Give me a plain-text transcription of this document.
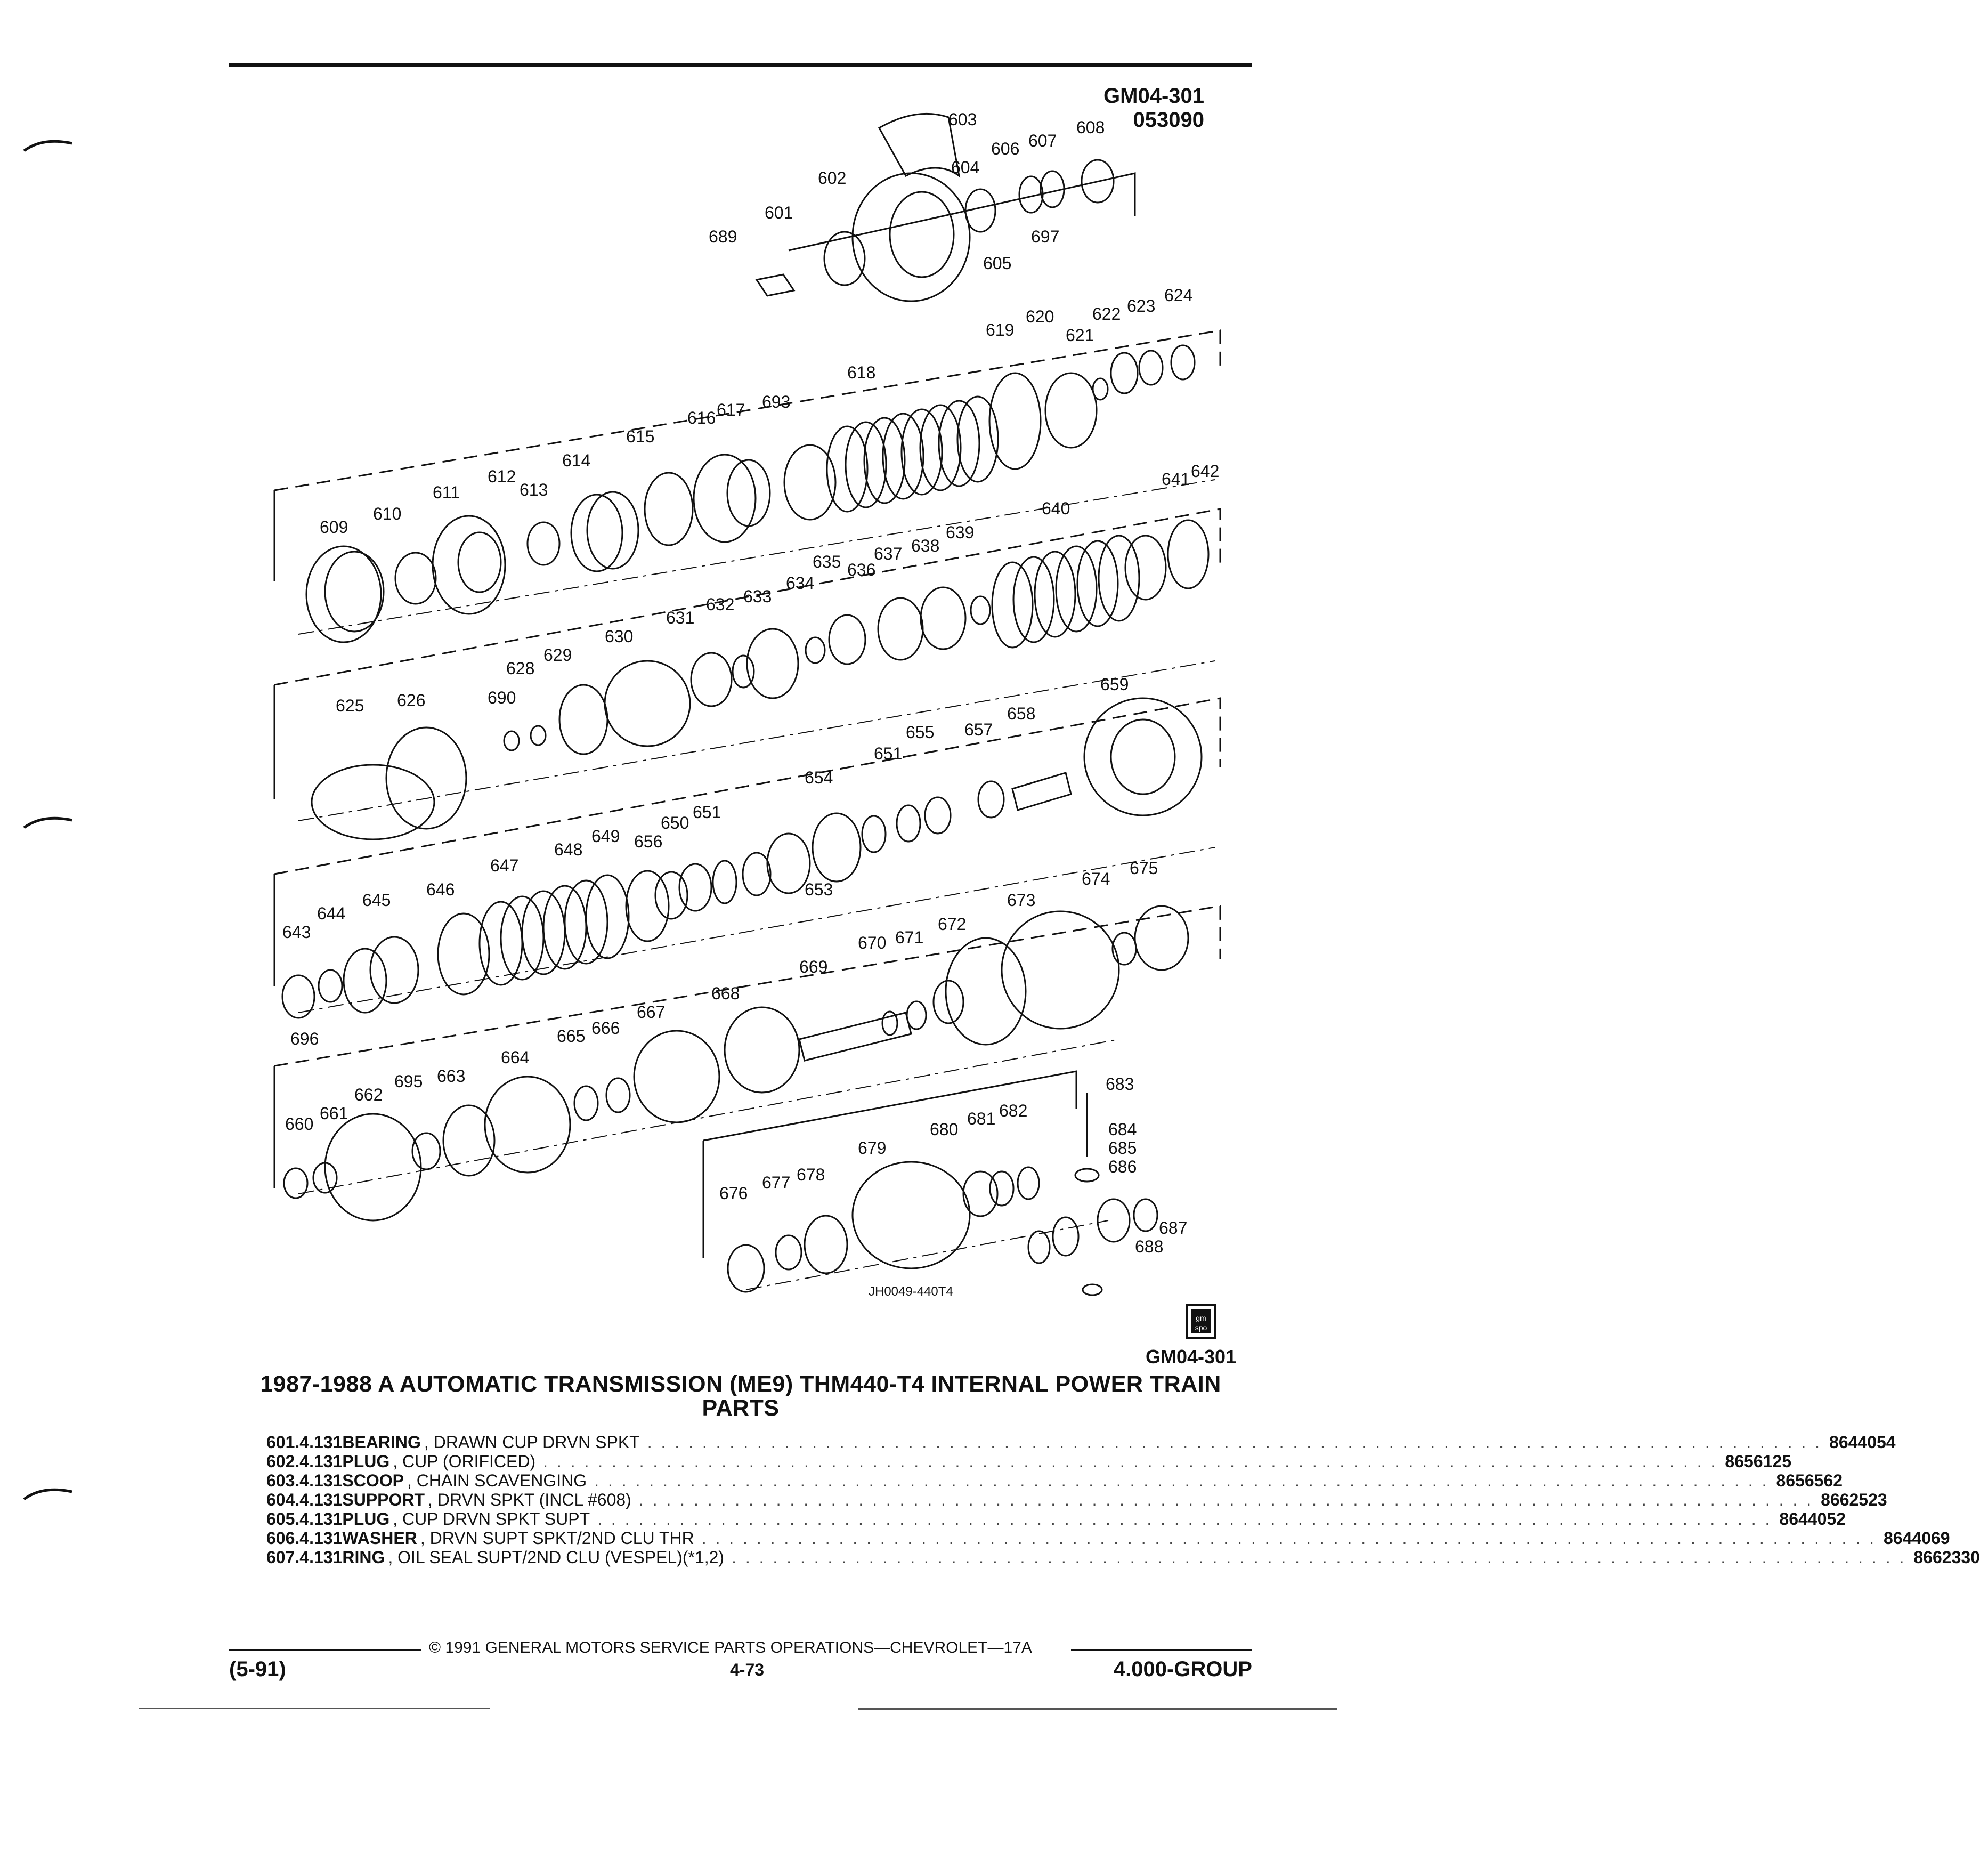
GM04-301
053090
gm
spo
601
602
603
604
605
606 607
608
689	697
618
619
620
621
622 623
624
609
610
611
612
613
614
615
616 617 693
640
641 642
625 626
628
629
630
631
632 633
634
635 636
637 638
639
690
659
655 657
658
651
654
643
644
645
646
647
648
649 656
650
651
653
696
673
674
675
672
671
670
669
668
667
666
665
660
661
662
695 663
664
683
684
685
686
687
688
676
677 678
679
680
681 682
JH0049-440T4
GM04-301
1987-1988 A AUTOMATIC TRANSMISSION (ME9) THM440-T4 INTERNAL POWER TRAIN
PARTS
601. 4.131 BEARING , DRAWN CUP DRVN SPKT . . . . . . . . . . . . . . . . . . . . . . . . . . . . . . . . . . . . . . . . . . . . . . . . . . . . . . . . . . . . . . . . . . . . . . . . . . . . . . . . . . . . . . 8644054
602. 4.131 PLUG , CUP (ORIFICED) . . . . . . . . . . . . . . . . . . . . . . . . . . . . . . . . . . . . . . . . . . . . . . . . . . . . . . . . . . . . . . . . . . . . . . . . . . . . . . . . . . . . . . 8656125
603. 4.131 SCOOP , CHAIN SCAVENGING . . . . . . . . . . . . . . . . . . . . . . . . . . . . . . . . . . . . . . . . . . . . . . . . . . . . . . . . . . . . . . . . . . . . . . . . . . . . . . . . . . . . . . 8656562
604. 4.131 SUPPORT , DRVN SPKT (INCL #608) . . . . . . . . . . . . . . . . . . . . . . . . . . . . . . . . . . . . . . . . . . . . . . . . . . . . . . . . . . . . . . . . . . . . . . . . . . . . . . . . . . . . . . 8662523
605. 4.131 PLUG , CUP DRVN SPKT SUPT . . . . . . . . . . . . . . . . . . . . . . . . . . . . . . . . . . . . . . . . . . . . . . . . . . . . . . . . . . . . . . . . . . . . . . . . . . . . . . . . . . . . . . 8644052
606. 4.131 WASHER , DRVN SUPT SPKT/2ND CLU THR . . . . . . . . . . . . . . . . . . . . . . . . . . . . . . . . . . . . . . . . . . . . . . . . . . . . . . . . . . . . . . . . . . . . . . . . . . . . . . . . . . . . . . 8644069
607. 4.131 RING , OIL SEAL SUPT/2ND CLU (VESPEL)(*1,2) . . . . . . . . . . . . . . . . . . . . . . . . . . . . . . . . . . . . . . . . . . . . . . . . . . . . . . . . . . . . . . . . . . . . . . . . . . . . . . . . . . . . . . 8662330
© 1991 GENERAL MOTORS SERVICE PARTS OPERATIONS—CHEVROLET—17A
(5-91)	4-73	4.000-GROUP
